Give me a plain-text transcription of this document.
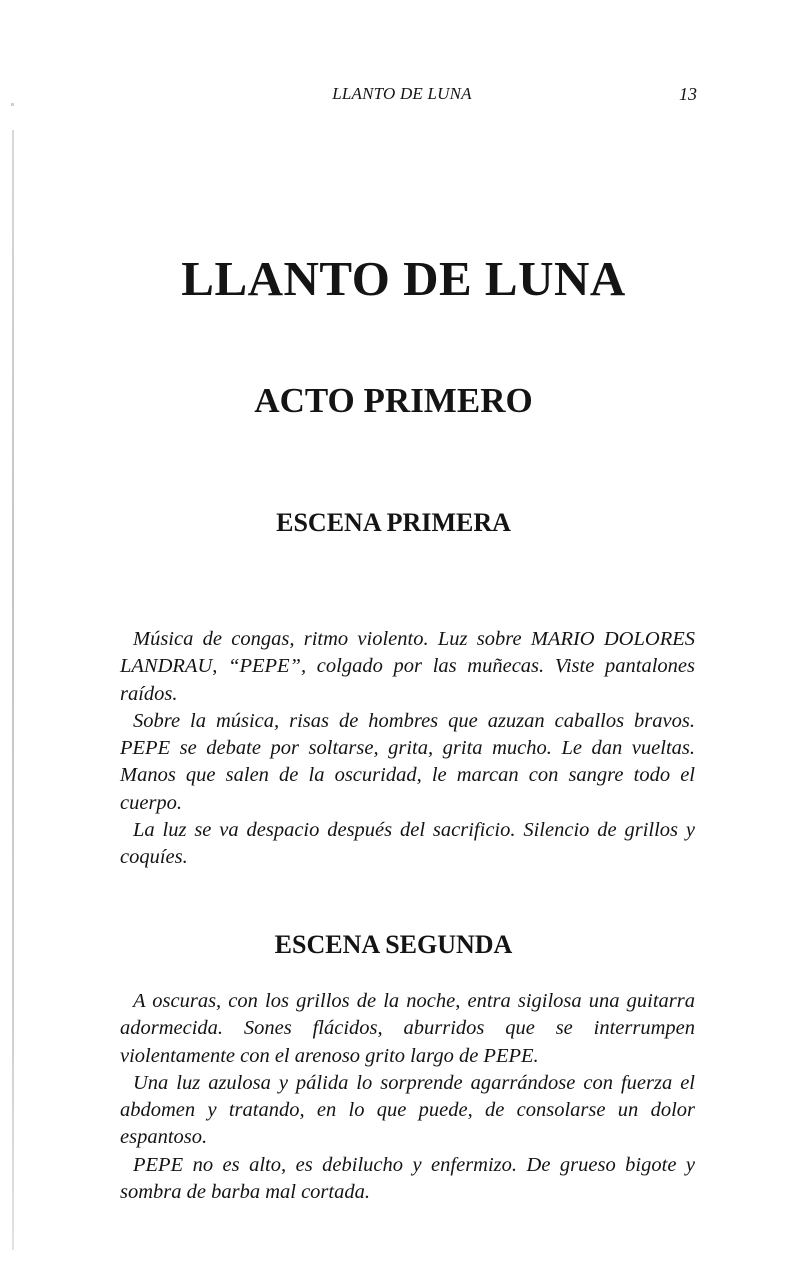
LLANTO DE LUNA	13
LLANTO DE LUNA
ACTO PRIMERO
ESCENA PRIMERA

Música de congas, ritmo violento. Luz sobre MARIO DOLORES LANDRAU, “PEPE”, colgado por las muñecas. Viste pantalones raídos.

Sobre la música, risas de hombres que azuzan caballos bravos. PEPE se debate por soltarse, grita, grita mucho. Le dan vueltas. Manos que salen de la oscuridad, le marcan con sangre todo el cuerpo.

La luz se va despacio después del sacrificio. Silencio de grillos y coquíes.

ESCENA SEGUNDA

A oscuras, con los grillos de la noche, entra sigilosa una guitarra adormecida. Sones flácidos, aburridos que se interrumpen violentamente con el arenoso grito largo de PEPE.

Una luz azulosa y pálida lo sorprende agarrándose con fuerza el abdomen y tratando, en lo que puede, de consolarse un dolor espantoso.

PEPE no es alto, es debilucho y enfermizo. De grueso bigote y sombra de barba mal cortada.
